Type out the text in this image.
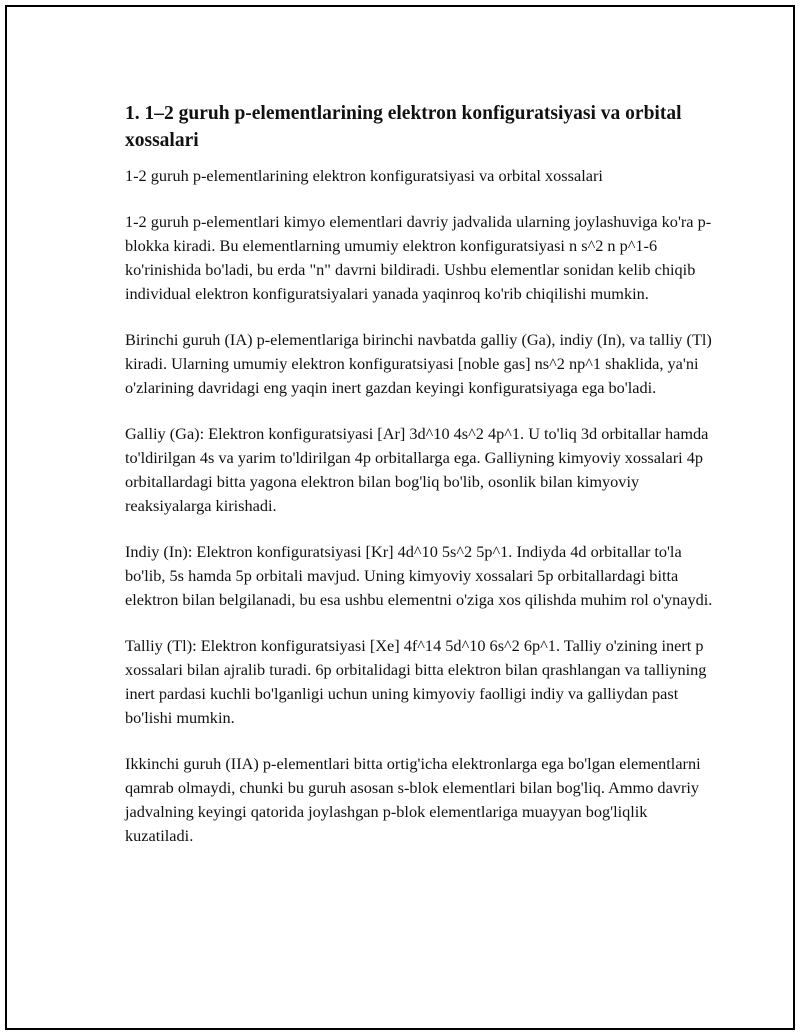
1. 1–2 guruh p-elementlarining elektron konfiguratsiyasi va orbital xossalari

1-2 guruh p-elementlarining elektron konfiguratsiyasi va orbital xossalari

1-2 guruh p-elementlari kimyo elementlari davriy jadvalida ularning joylashuviga ko'ra p-blokka kiradi. Bu elementlarning umumiy elektron konfiguratsiyasi n s^2 n p^1-6 ko'rinishida bo'ladi, bu erda "n" davrni bildiradi. Ushbu elementlar sonidan kelib chiqib individual elektron konfiguratsiyalari yanada yaqinroq ko'rib chiqilishi mumkin.

Birinchi guruh (IA) p-elementlariga birinchi navbatda galliy (Ga), indiy (In), va talliy (Tl) kiradi. Ularning umumiy elektron konfiguratsiyasi [noble gas] ns^2 np^1 shaklida, ya'ni o'zlarining davridagi eng yaqin inert gazdan keyingi konfiguratsiyaga ega bo'ladi.

Galliy (Ga): Elektron konfiguratsiyasi [Ar] 3d^10 4s^2 4p^1. U to'liq 3d orbitallar hamda to'ldirilgan 4s va yarim to'ldirilgan 4p orbitallarga ega. Galliyning kimyoviy xossalari 4p orbitallardagi bitta yagona elektron bilan bog'liq bo'lib, osonlik bilan kimyoviy reaksiyalarga kirishadi.

Indiy (In): Elektron konfiguratsiyasi [Kr] 4d^10 5s^2 5p^1. Indiyda 4d orbitallar to'la bo'lib, 5s hamda 5p orbitali mavjud. Uning kimyoviy xossalari 5p orbitallardagi bitta elektron bilan belgilanadi, bu esa ushbu elementni o'ziga xos qilishda muhim rol o'ynaydi.

Talliy (Tl): Elektron konfiguratsiyasi [Xe] 4f^14 5d^10 6s^2 6p^1. Talliy o'zining inert p xossalari bilan ajralib turadi. 6p orbitalidagi bitta elektron bilan qrashlangan va talliyning inert pardasi kuchli bo'lganligi uchun uning kimyoviy faolligi indiy va galliydan past bo'lishi mumkin.

Ikkinchi guruh (IIA) p-elementlari bitta ortig'icha elektronlarga ega bo'lgan elementlarni qamrab olmaydi, chunki bu guruh asosan s-blok elementlari bilan bog'liq. Ammo davriy jadvalning keyingi qatorida joylashgan p-blok elementlariga muayyan bog'liqlik kuzatiladi.
